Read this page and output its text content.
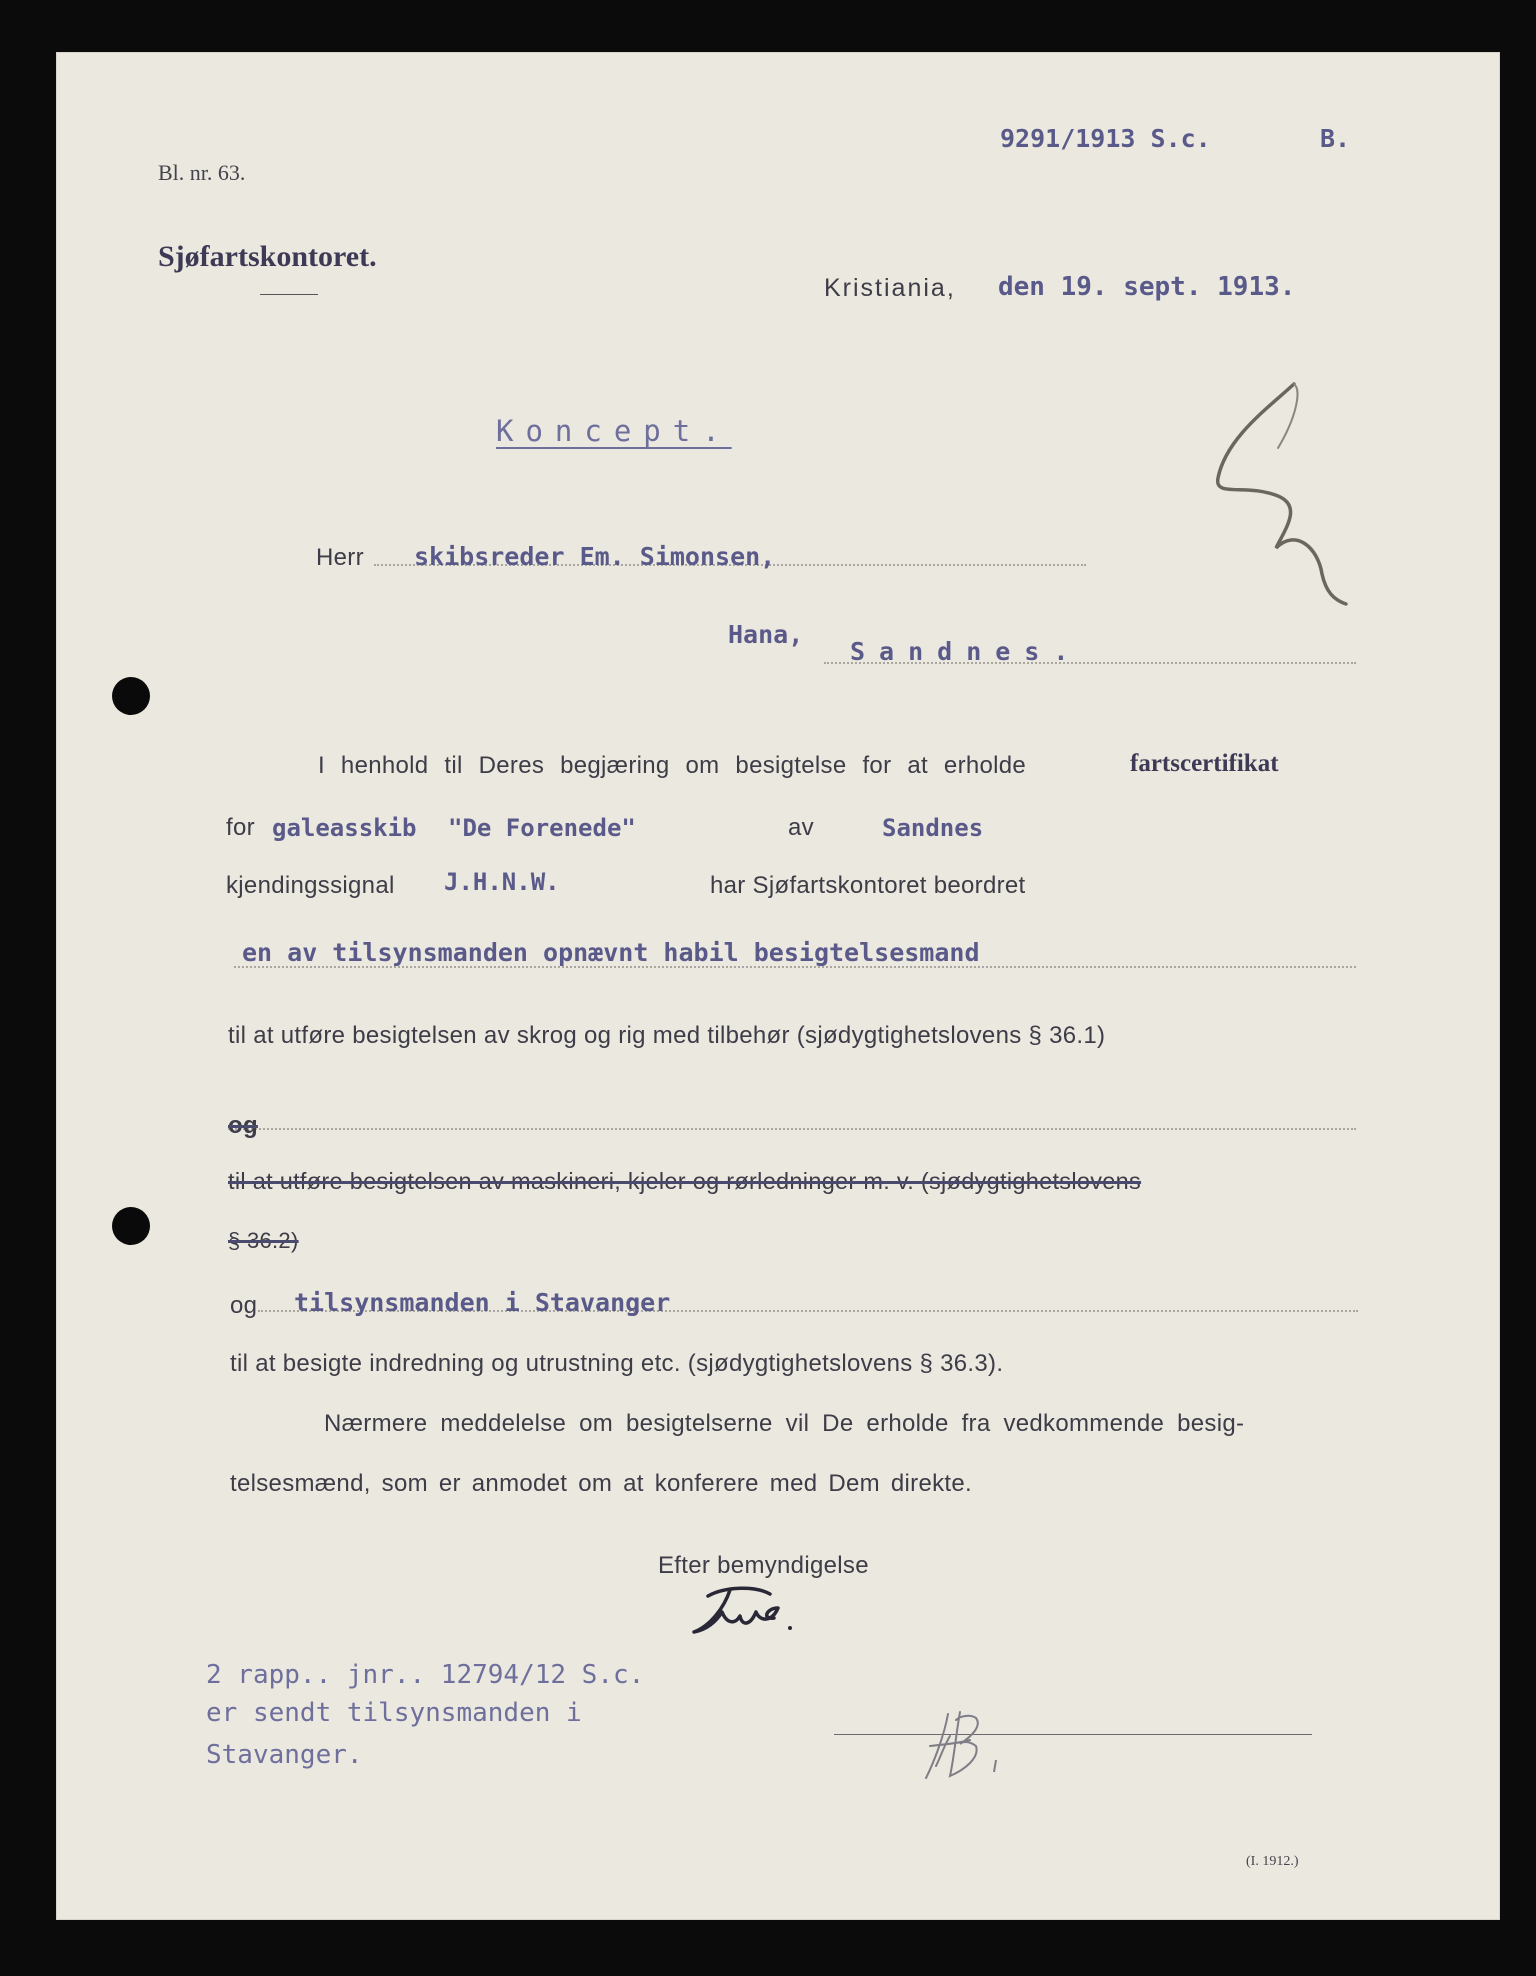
9291/1913 S.c.	B.
Bl. nr. 63.
Sjøfartskontoret.
Kristiania, den 19. sept. 1913.
Koncept.
Herr skibsreder Em. Simonsen,
Hana,
Sandnes.
I henhold til Deres begjæring om besigtelse for at erholde	fartscertifikat
for galeasskib "De Forenede"	av	Sandnes
kjendingssignal J.H.N.W.	har Sjøfartskontoret beordret
en av tilsynsmanden opnævnt habil besigtelsesmand
til at utføre besigtelsen av skrog og rig med tilbehør (sjødygtighetslovens § 36.1)
og
til at utføre besigtelsen av maskineri, kjeler og rørledninger m. v. (sjødygtighetslovens
§ 36.2)
og tilsynsmanden i Stavanger
til at besigte indredning og utrustning etc. (sjødygtighetslovens § 36.3).
Nærmere meddelelse om besigtelserne vil De erholde fra vedkommende besig-
telsesmænd, som er anmodet om at konferere med Dem direkte.
Efter bemyndigelse
2 rapp.. jnr.. 12794/12 S.c.
er sendt tilsynsmanden i
Stavanger.
(I. 1912.)
